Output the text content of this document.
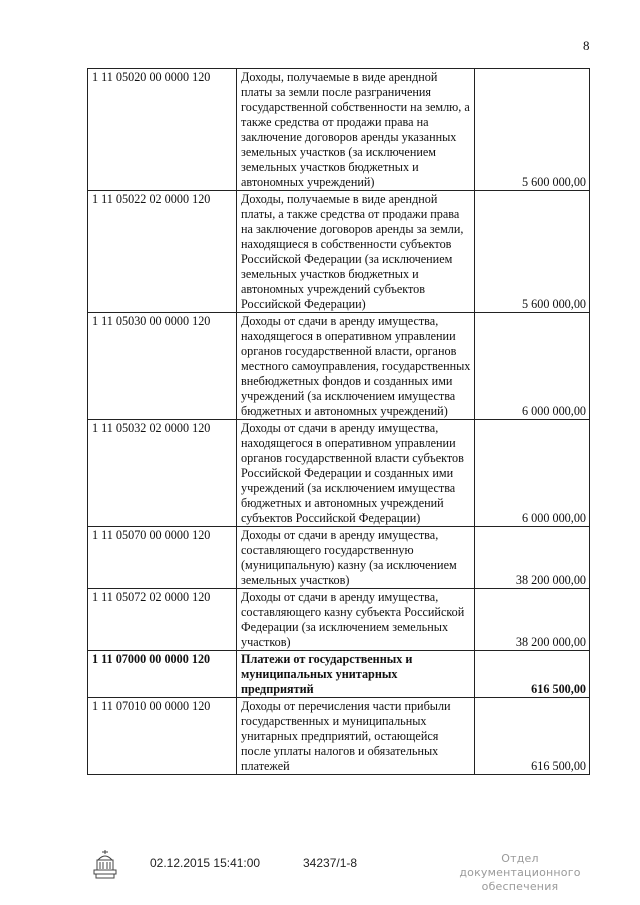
8
1 11 05020 00 0000 120	Доходы, получаемые в виде арендной платы за земли после разграничения государственной собственности на землю, а также средства от продажи права на заключение договоров аренды указанных земельных участков (за исключением земельных участков бюджетных и автономных учреждений)	5 600 000,00
1 11 05022 02 0000 120	Доходы, получаемые в виде арендной платы, а также средства от продажи права на заключение договоров аренды за земли, находящиеся в собственности субъектов Российской Федерации (за исключением земельных участков бюджетных и автономных учреждений субъектов Российской Федерации)	5 600 000,00
1 11 05030 00 0000 120	Доходы от сдачи в аренду имущества, находящегося в оперативном управлении органов государственной власти, органов местного самоуправления, государственных внебюджетных фондов и созданных ими учреждений (за исключением имущества бюджетных и автономных учреждений)	6 000 000,00
1 11 05032 02 0000 120	Доходы от сдачи в аренду имущества, находящегося в оперативном управлении органов государственной власти субъектов Российской Федерации и созданных ими учреждений (за исключением имущества бюджетных и автономных учреждений субъектов Российской Федерации)	6 000 000,00
1 11 05070 00 0000 120	Доходы от сдачи в аренду имущества, составляющего государственную (муниципальную) казну (за исключением земельных участков)	38 200 000,00
1 11 05072 02 0000 120	Доходы от сдачи в аренду имущества, составляющего казну субъекта Российской Федерации (за исключением земельных участков)	38 200 000,00
1 11 07000 00 0000 120	Платежи от государственных и муниципальных унитарных предприятий	616 500,00
1 11 07010 00 0000 120	Доходы от перечисления части прибыли государственных и муниципальных унитарных предприятий, остающейся после уплаты налогов и обязательных платежей	616 500,00
02.12.2015 15:41:00	34237/1-8	Отдел документационного
обеспечения
